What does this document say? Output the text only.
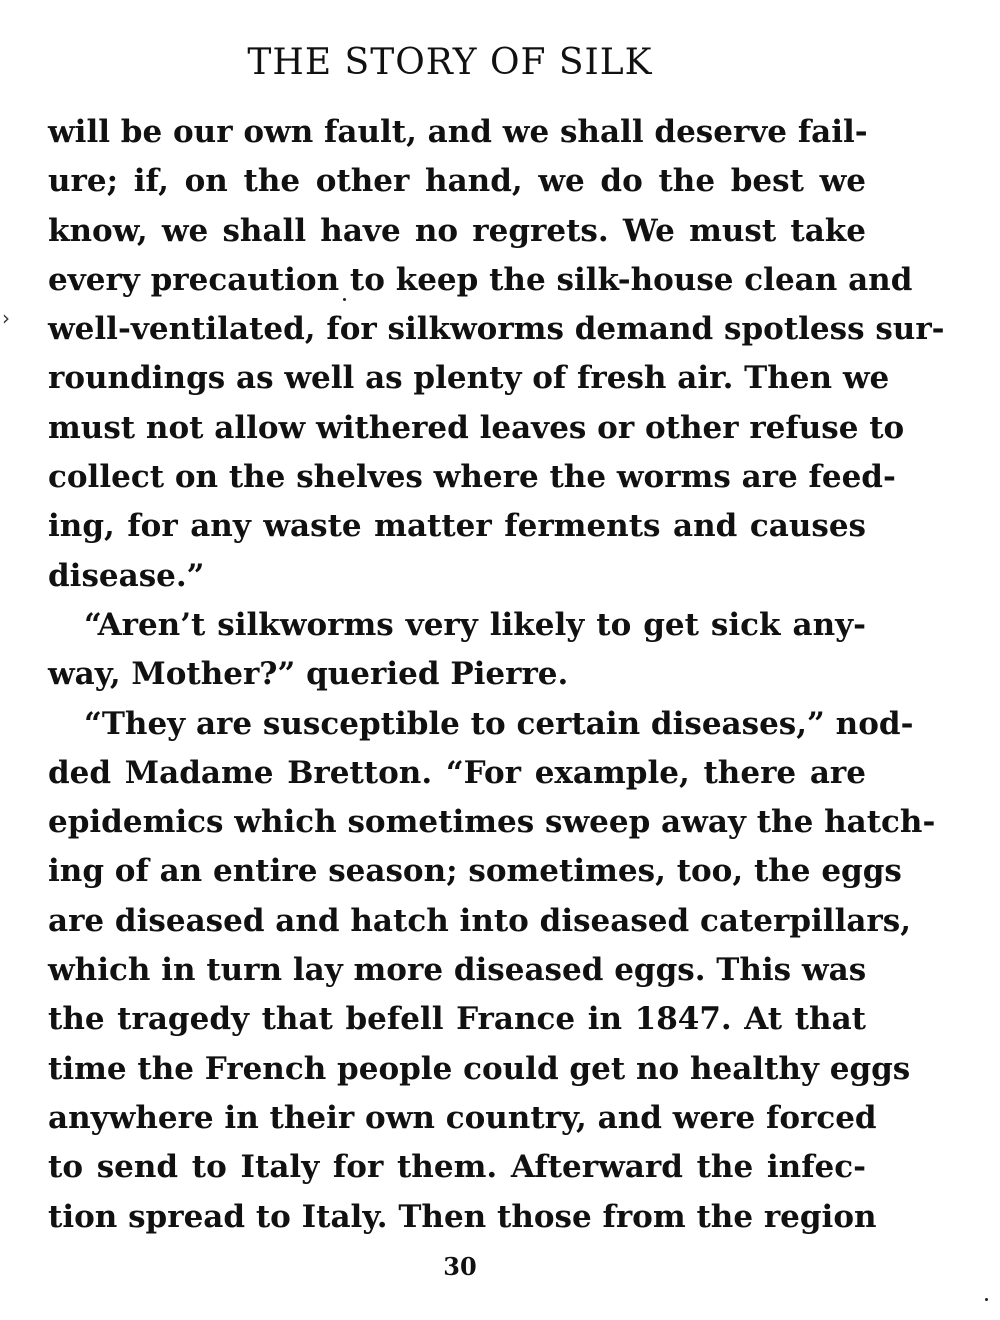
THE STORY OF SILK
›

will be our own fault, and we shall deserve fail-
ure; if, on the other hand, we do the best we
know, we shall have no regrets. We must take
every precaution to keep the silk-house clean and
well-ventilated, for silkworms demand spotless sur-
roundings as well as plenty of fresh air. Then we
must not allow withered leaves or other refuse to
collect on the shelves where the worms are feed-
ing, for any waste matter ferments and causes
disease.”

“Aren’t silkworms very likely to get sick any-
way, Mother?” queried Pierre.

“They are susceptible to certain diseases,” nod-
ded Madame Bretton. “For example, there are
epidemics which sometimes sweep away the hatch-
ing of an entire season; sometimes, too, the eggs
are diseased and hatch into diseased caterpillars,
which in turn lay more diseased eggs. This was
the tragedy that befell France in 1847. At that
time the French people could get no healthy eggs
anywhere in their own country, and were forced
to send to Italy for them. Afterward the infec-
tion spread to Italy. Then those from the region

30
